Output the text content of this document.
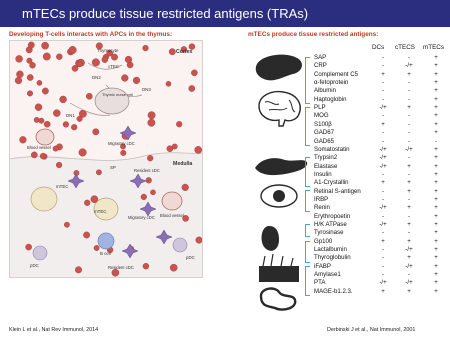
mTECs produce tissue restricted antigens (TRAs)
Developing T-cells interacts with APCs in the thymus:	mTECs produce tissue restricted antigens:
Cortex
Medulla
Thymocyte
cTEC
DN2
DN3
DN1
Thymic nurse cell
Blood vessel
Migratory cDC
SP
Resident cDC
mTEC
mTEC
Migratory cDC
B cell
Blood vessel
pDC	Resident cDC
pDC
DCs cTECS mTECs
SAP	-	-	+
CRP	-	-/+	+
Complement C5	+	+	+
α-fetoprotein	-	-	+
Albumin	-	-	+
Haptoglobin	-	-	+
PLP	-/+	+	+
MOG	-	-	+
S100β	+	-	+
GAD67	-	-	+
GAD65	-	-	-
Somatostatin	-/+	-/+	+
Trypsin2	-/+	-	+
Elastase	-/+	+	+
Insulin	-	-	+
A1-Crystallin	+	+	+
Retinal S-antigen	-	+	+
IRBP	-	-	+
Renin	-/+	+	+
Erythropoetin	-	-	+
H/K ATPase	-/+	+	+
Tyrosinase	-	-	+
Gp100	+	+	+
Lactalbumin	-	-/+	+
Thyroglobulin	-	+	+
iFABP	-	-/+	+
Amylase1	-	-	+
PTA	-/+	-/+	+
MAGE-b1.2.3.	+	+	+
Klein L et al., Nat Rev Immunol, 2014	Derbinski J et al., Nat Immunol, 2001
